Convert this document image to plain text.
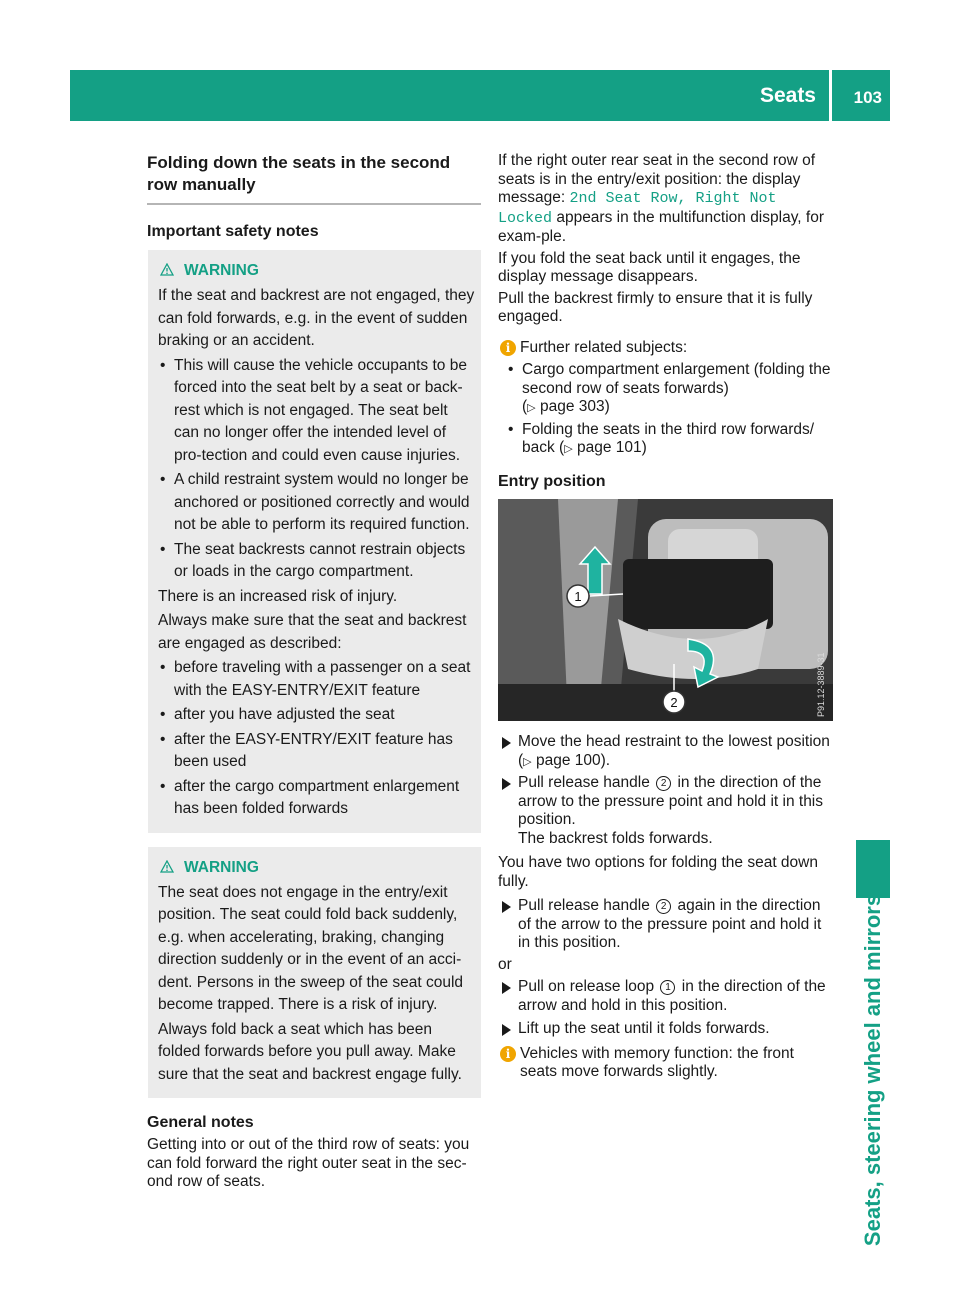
Seats 103
Seats, steering wheel and mirrors
Folding down the seats in the second
row manually
Important safety notes
WARNING

If the seat and backrest are not engaged, they can fold forwards, e.g. in the event of sudden braking or an accident.

• This will cause the vehicle occupants to be forced into the seat belt by a seat or back-rest which is not engaged. The seat belt can no longer offer the intended level of pro-tection and could even cause injuries.
• A child restraint system would no longer be anchored or positioned correctly and would not be able to perform its required function.
• The seat backrests cannot restrain objects or loads in the cargo compartment.

There is an increased risk of injury.

Always make sure that the seat and backrest are engaged as described:

• before traveling with a passenger on a seat with the EASY-ENTRY/EXIT feature
• after you have adjusted the seat
• after the EASY-ENTRY/EXIT feature has been used
• after the cargo compartment enlargement has been folded forwards
WARNING

The seat does not engage in the entry/exit position. The seat could fold back suddenly, e.g. when accelerating, braking, changing direction suddenly or in the event of an acci-dent. Persons in the sweep of the seat could become trapped. There is a risk of injury.

Always fold back a seat which has been folded forwards before you pull away. Make sure that the seat and backrest engage fully.

General notes

Getting into or out of the third row of seats: you can fold forward the right outer seat in the sec-ond row of seats.

If the right outer rear seat in the second row of seats is in the entry/exit position: the display message: 2nd Seat Row, Right Not Locked appears in the multifunction display, for exam-ple.

If you fold the seat back until it engages, the display message disappears.

Pull the backrest firmly to ensure that it is fully engaged.

i Further related subjects:
• Cargo compartment enlargement (folding the second row of seats forwards)
(▷ page 303)
• Folding the seats in the third row forwards/ back (▷ page 101)
Entry position
1
2	P91.12-3889-31
Move the head restraint to the lowest position
(▷ page 100).
Pull release handle 2 in the direction of the arrow to the pressure point and hold it in this position.
The backrest folds forwards.

You have two options for folding the seat down fully.

Pull release handle 2 again in the direction of the arrow to the pressure point and hold it in this position.

or

Pull on release loop 1 in the direction of the arrow and hold in this position.
Lift up the seat until it folds forwards.
i Vehicles with memory function: the front seats move forwards slightly.
